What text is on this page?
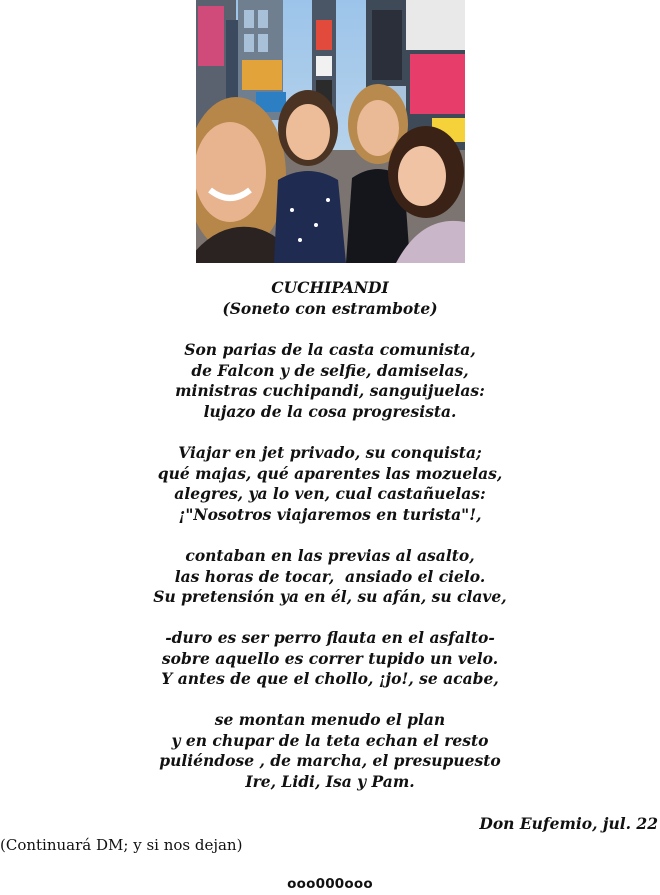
CUCHIPANDI
(Soneto con estrambote)
Son parias de la casta comunista,
de Falcon y de selfie, damiselas,
ministras cuchipandi, sanguijuelas:
lujazo de la cosa progresista.
Viajar en jet privado, su conquista;
qué majas, qué aparentes las mozuelas,
alegres, ya lo ven, cual castañuelas:
¡"Nosotros viajaremos en turista"!,
contaban en las previas al asalto,
las horas de tocar,  ansiado el cielo.
Su pretensión ya en él, su afán, su clave,
-duro es ser perro flauta en el asfalto-
sobre aquello es correr tupido un velo.
Y antes de que el chollo, ¡jo!, se acabe,
se montan menudo el plan
y en chupar de la teta echan el resto
puliéndose , de marcha, el presupuesto
Ire, Lidi, Isa y Pam.
Don Eufemio, jul. 22
(Continuará DM; y si nos dejan)
ooo000ooo
